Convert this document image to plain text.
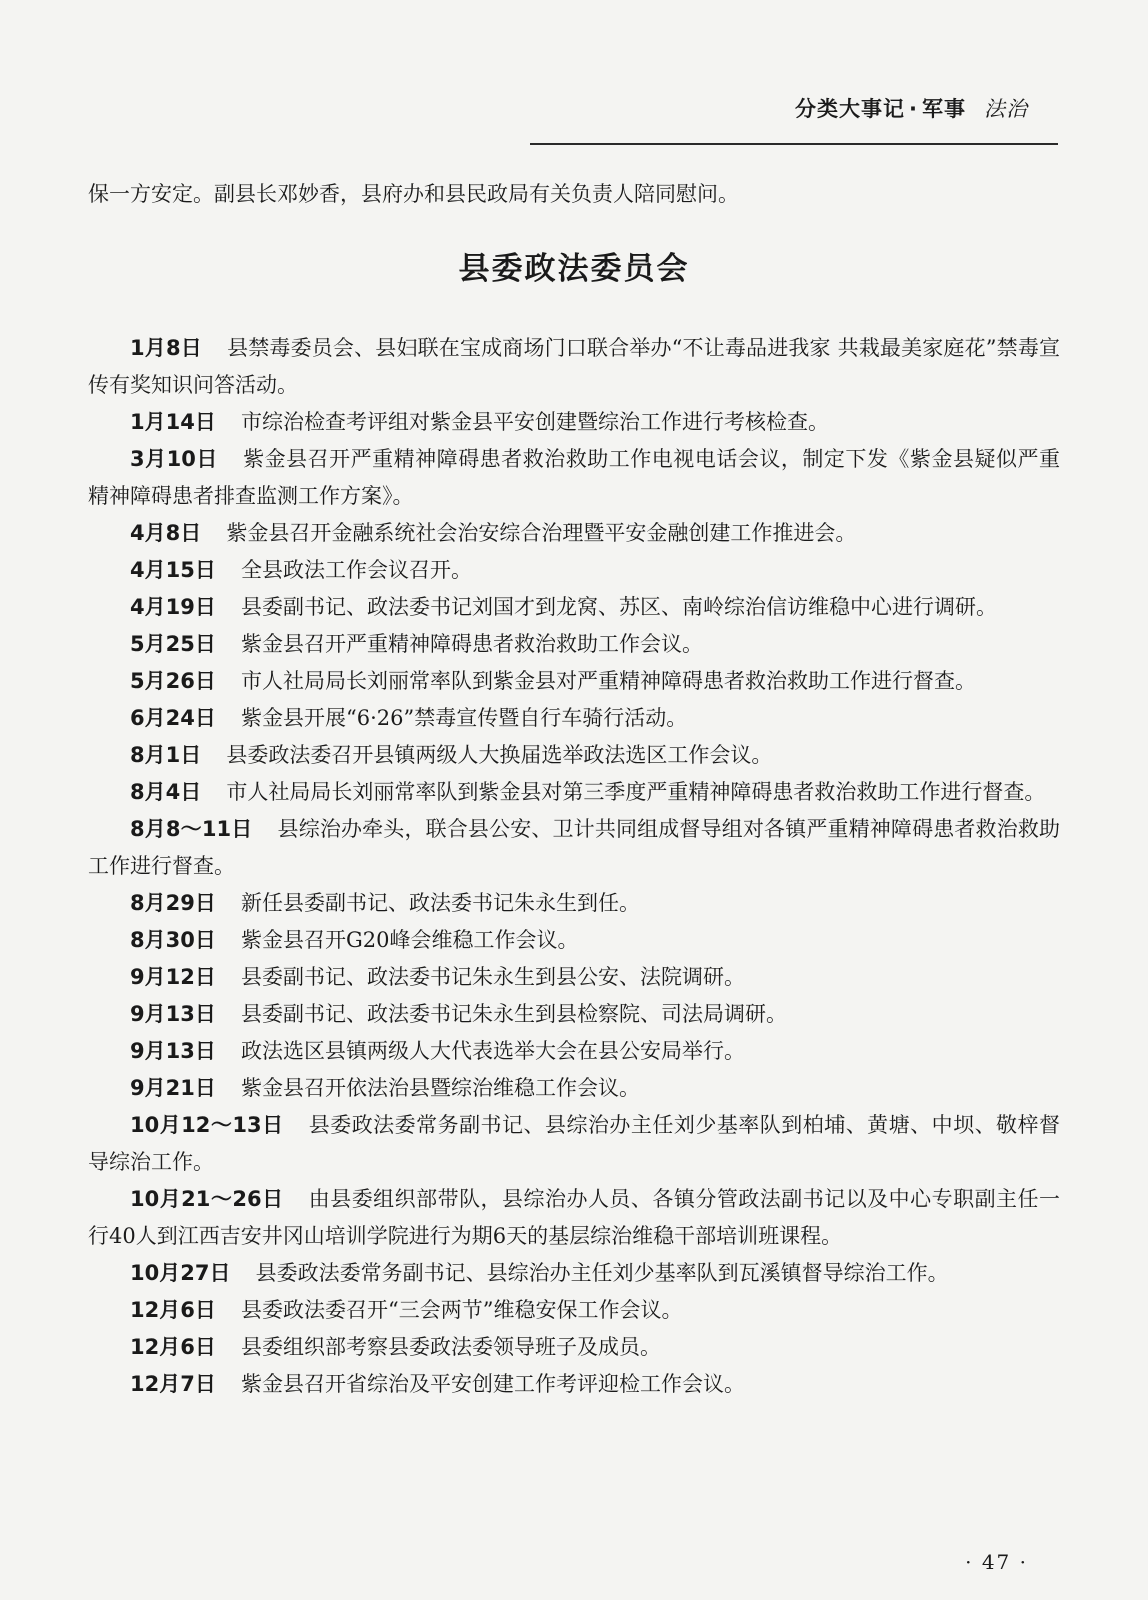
分类大事记 · 军事 法治

保一方安定。副县长邓妙香，县府办和县民政局有关负责人陪同慰问。

县委政法委员会

1月8日 县禁毒委员会、县妇联在宝成商场门口联合举办“不让毒品进我家 共栽最美家庭花”禁毒宣传有奖知识问答活动。

1月14日 市综治检查考评组对紫金县平安创建暨综治工作进行考核检查。

3月10日 紫金县召开严重精神障碍患者救治救助工作电视电话会议，制定下发《紫金县疑似严重精神障碍患者排查监测工作方案》。

4月8日 紫金县召开金融系统社会治安综合治理暨平安金融创建工作推进会。

4月15日 全县政法工作会议召开。

4月19日 县委副书记、政法委书记刘国才到龙窝、苏区、南岭综治信访维稳中心进行调研。

5月25日 紫金县召开严重精神障碍患者救治救助工作会议。

5月26日 市人社局局长刘丽常率队到紫金县对严重精神障碍患者救治救助工作进行督查。

6月24日 紫金县开展“6·26”禁毒宣传暨自行车骑行活动。

8月1日 县委政法委召开县镇两级人大换届选举政法选区工作会议。

8月4日 市人社局局长刘丽常率队到紫金县对第三季度严重精神障碍患者救治救助工作进行督查。

8月8～11日 县综治办牵头，联合县公安、卫计共同组成督导组对各镇严重精神障碍患者救治救助工作进行督查。

8月29日 新任县委副书记、政法委书记朱永生到任。

8月30日 紫金县召开G20峰会维稳工作会议。

9月12日 县委副书记、政法委书记朱永生到县公安、法院调研。

9月13日 县委副书记、政法委书记朱永生到县检察院、司法局调研。

9月13日 政法选区县镇两级人大代表选举大会在县公安局举行。

9月21日 紫金县召开依法治县暨综治维稳工作会议。

10月12～13日 县委政法委常务副书记、县综治办主任刘少基率队到柏埔、黄塘、中坝、敬梓督导综治工作。

10月21～26日 由县委组织部带队，县综治办人员、各镇分管政法副书记以及中心专职副主任一行40人到江西吉安井冈山培训学院进行为期6天的基层综治维稳干部培训班课程。

10月27日 县委政法委常务副书记、县综治办主任刘少基率队到瓦溪镇督导综治工作。

12月6日 县委政法委召开“三会两节”维稳安保工作会议。

12月6日 县委组织部考察县委政法委领导班子及成员。

12月7日 紫金县召开省综治及平安创建工作考评迎检工作会议。

· 47 ·
